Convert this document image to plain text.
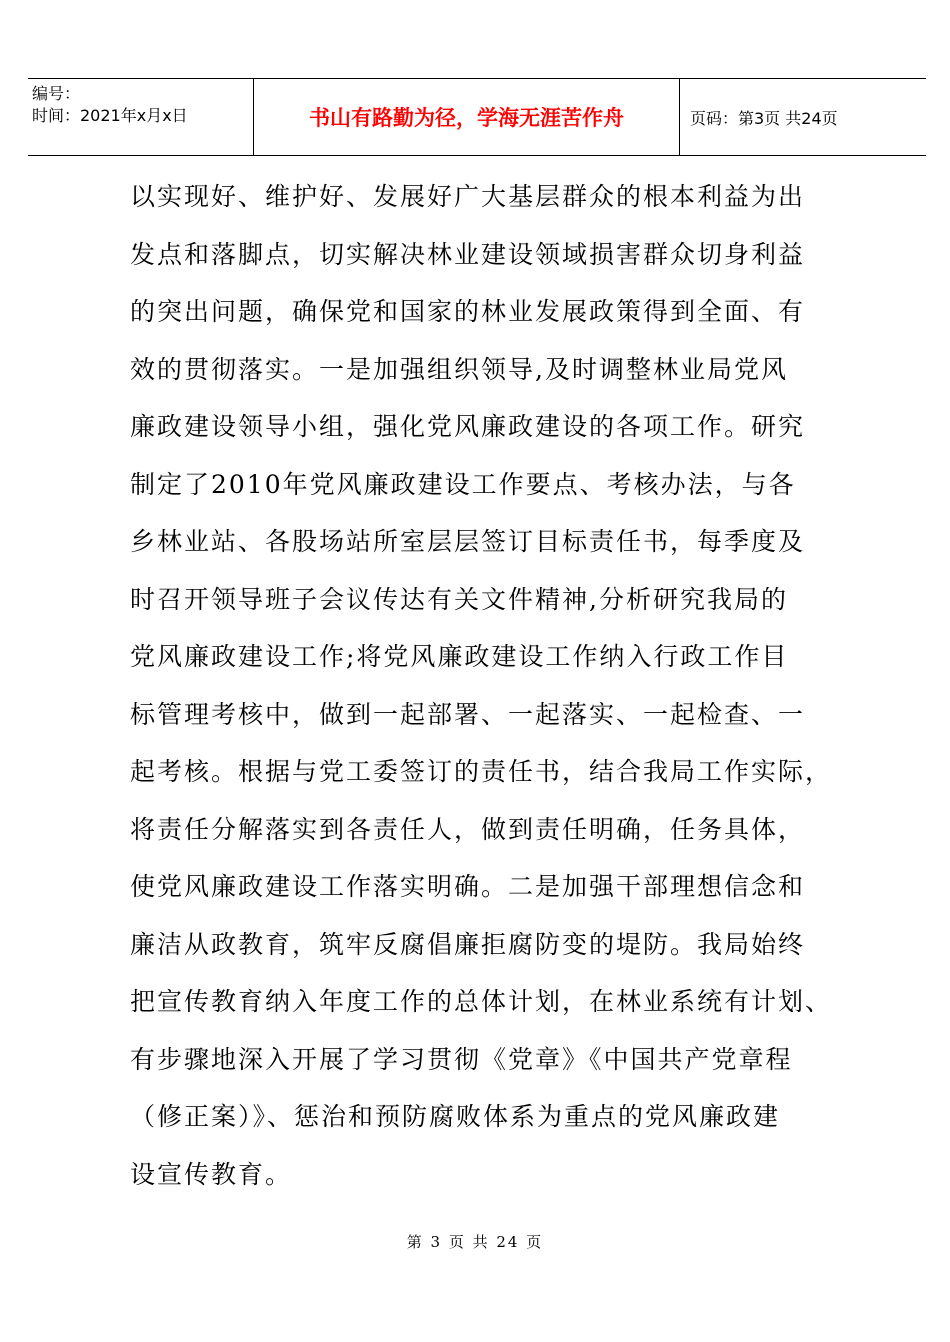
编号：
时间：2021年x月x日	书山有路勤为径，学海无涯苦作舟	页码：第3页 共24页
以实现好、维护好、发展好广大基层群众的根本利益为出
发点和落脚点，切实解决林业建设领域损害群众切身利益
的突出问题，确保党和国家的林业发展政策得到全面、有
效的贯彻落实。一是加强组织领导,及时调整林业局党风
廉政建设领导小组，强化党风廉政建设的各项工作。研究
制定了2010年党风廉政建设工作要点、考核办法，与各
乡林业站、各股场站所室层层签订目标责任书，每季度及
时召开领导班子会议传达有关文件精神,分析研究我局的
党风廉政建设工作;将党风廉政建设工作纳入行政工作目
标管理考核中，做到一起部署、一起落实、一起检查、一
起考核。根据与党工委签订的责任书，结合我局工作实际，
将责任分解落实到各责任人，做到责任明确，任务具体，
使党风廉政建设工作落实明确。二是加强干部理想信念和
廉洁从政教育，筑牢反腐倡廉拒腐防变的堤防。我局始终
把宣传教育纳入年度工作的总体计划，在林业系统有计划、
有步骤地深入开展了学习贯彻《党章》《中国共产党章程
（修正案）》、惩治和预防腐败体系为重点的党风廉政建
设宣传教育。
第 3 页 共 24 页
